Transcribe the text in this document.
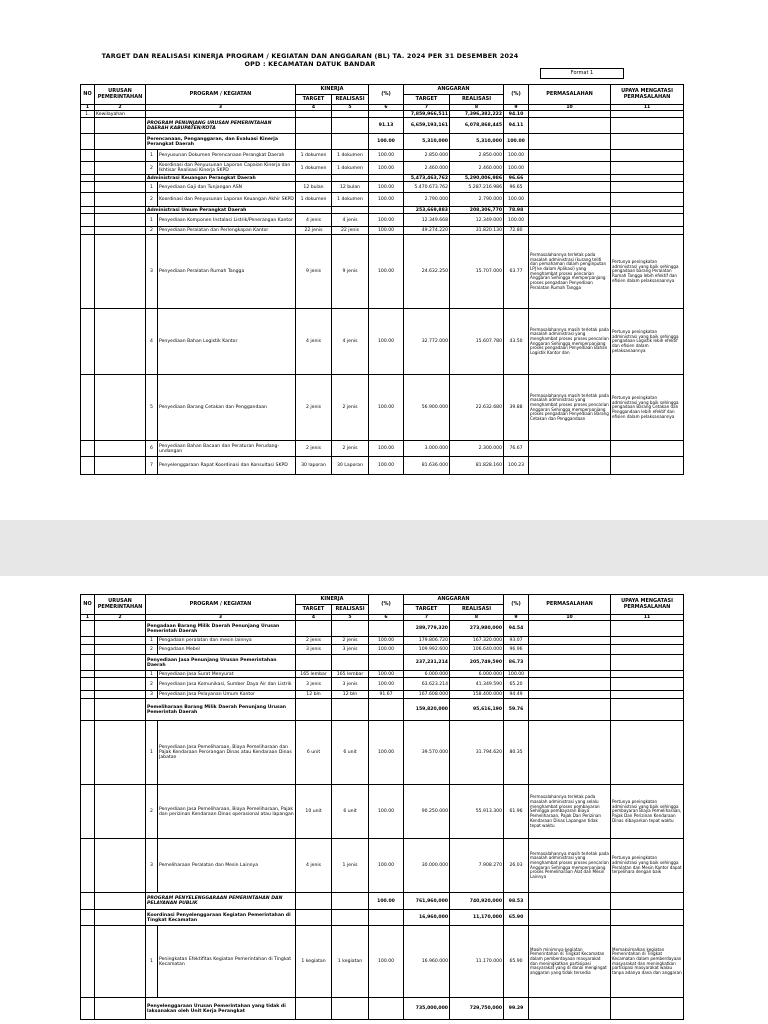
TARGET DAN REALISASI KINERJA PROGRAM / KEGIATAN DAN ANGGARAN (BL) TA. 2024 PER 31 DESEMBER 2024
OPD : KECAMATAN DATUK BANDAR
Format 1
NO	URUSAN PEMERINTAHAN	PROGRAM / KEGIATAN		KINERJA		(%)	ANGGARAN		(%)	PERMASALAHAN	UPAYA MENGATASI PERMASALAHAN
				TARGET	REALISASI		TARGET	REALISASI			
1	2	3		4	5	6	7	8	9	10	11
1.	Kewilayahan						7,859,966,511	7,396,382,222	94.10		
		PROGRAM PENUNJANG URUSAN PEMERINTAHAN DAERAH KABUPATEN/KOTA				91.13	6,659,193,161	6,078,868,445	94.11		
		Perencanaan, Penganggaran, dan Evaluasi Kinerja Perangkat Daerah				100.00	5,310,000	5,310,000	100.00		
		1	Penyusunan Dokumen Perencanaan Perangkat Daerah	1 dokumen	1 dokumen	100.00	2.850.000	2.850.000	100.00		
		2	Koordinasi dan Penyusunan Laporan Capaian Kinerja dan Ikhtisar Realisasi Kinerja SKPD	1 dokumen	1 dokumen	100.00	2.460.000	2.460.000	100.00		
		Administrasi Keuangan Perangkat Daerah					5,473,463,762	5,290,006,986	96.66		
		1	Penyediaan Gaji dan Tunjangan ASN	12 bulan	12 bulan	100.00	5.470.673.762	5.287.216.986	96.65		
		2	Koordinasi dan Penyusunan Laporan Keuangan Akhir SKPD	1 dokumen	1 dokumen	100.00	2.790.000	2.790.000	100.00		
		Administrasi Umum Perangkat Daerah					253,669,883	208,306,770	78.98		
		1	Penyediaan Komponen Instalasi Listrik/Penerangan Kantor	4 jenis	4 jenis	100.00	12.349.668	12.349.000	100.00		
		2	Penyediaan Peralatan dan Perlengkapan Kantor	22 jenis	22 jenis	100.00	49.274.220	31.820.130	72.80		
		3	Penyediaan Peralatan Rumah Tangga	9 jenis	9 jenis	100.00	24.632.250	15.707.000	63.77	Permasalahannya terletak pada masalah administrasi (kurang teliti dan pemahaman dalam penginputan LPJ ke dalam Aplikasi) yang menghambat proses pencarian Anggaran Sehingga memperpanjang proses pengadaan Penyediaan Peralatan Rumah Tangga	Pertunya peningkatan administrasi yang baik sehingga pengadaan barang Peralatan Rumah Tangga lebih efektif dan efisien dalam pelaksanaannya
		4	Penyediaan Bahan Logistik Kantor	4 jenis	4 jenis	100.00	32.772.000	15.607.780	43.50	Permasalahannya masih terletak pada masalah administrasi yang menghambat proses proses pencarian Anggaran Sehingga memperpanjang proses pengadaan Penyediaan Bahan Logistik Kantor dan	Pertunya peningkatan administrasi yang baik sehingga pengadaan Logistik lebih efektif dan efisien dalam pelaksanaannya
		5	Penyediaan Barang Cetakan dan Penggandaan	2 jenis	2 jenis	100.00	56.900.000	22.632.680	39.88	Permasalahannya masih terletak pada masalah administrasi yang menghambat proses proses pencarian Anggaran Sehingga memperpanjang proses pengadaan Penyediaan Barang Cetakan dan Penggandaan	Pertunya peningkatan administrasi yang baik sehingga pengadaan Barang Cetakan dan Penggandaan lebih efektif dan efisien dalam pelaksanaannya
		6	Penyediaan Bahan Bacaan dan Peraturan Perudang-undangan	2 jenis	2 jenis	100.00	3.000.000	2.300.000	76.67		
		7	Penyelenggaraan Rapat Koordinasi dan Konsultasi SKPD	30 laporan	30 Laporan	100.00	81.636.000	81.828.160	100.23		
NO	URUSAN PEMERINTAHAN	PROGRAM / KEGIATAN		KINERJA		(%)	ANGGARAN		(%)	PERMASALAHAN	UPAYA MENGATASI PERMASALAHAN
				TARGET	REALISASI		TARGET	REALISASI			
1	2	3		4	5	6	7	8	9	10	11
		Pengadaan Barang Milik Daerah Penunjang Urusan Pemerintah Daerah					289,779,320	273,980,000	94.54		
		1	Pengadaan peralatan dan mesin lainnya	2 jenis	2 jenis	100.00	179.806.720	167.320.000	93.07		
		2	Pengadaan Mebel	3 jenis	3 jenis	100.00	109.992.600	106.640.000	96.96		
		Penyediaan Jasa Penunjang Urusan Pemerintahan Daerah					237,231,214	205,749,590	86.73		
		1	Penyediaan Jasa Surat Menyurat	165 lembar	165 lembar	100.00	6.000.000	6.000.000	100.00		
		2	Penyediaan Jasa Komunikasi, Sumber Daya Air dan Listrik	3 jenis	3 jenis	100.00	63.623.214	41.349.590	65.20		
		3	Penyediaan Jasa Pelayanan Umum Kantor	12 bln	12 bln	91.67	167.608.000	158.400.000	94.49		
		Pemeliharaan Barang Milik Daerah Penunjang Urusan Pemerintah Daerah					159,820,000	95,616,190	59.76		
		1	Penyediaan Jasa Pemeliharaan, Biaya Pemeliharaan dan Pajak Kendaraan Perorangan Dinas atau Kendaraan Dinas Jabatan	6 unit	6 unit	100.00	39.570.000	31.794.620	80.35		
		2	Penyediaan Jasa Pemeliharaan, Biaya Pemeliharaan, Pajak dan perizinan Kendaraan Dinas operasional atau lapangan	10 unit	6 unit	100.00	90.250.000	55.913.300	61.96	Permasalahannya terletak pada masalah administrasi yang selalu menghambat proses pembayaran Sehingga pembayaran Biaya Pemeliharaan, Pajak Dan Perizinan Kendaraan Dinas Lapangan tidak tepat waktu	Pertunya peningkatan administrasi yang baik sehingga pembayaran Biaya Pemeliharaan, Pajak Dan Perizinan Kendaraan Dinas dibayarkan tepat waktu
		3	Pemeliharaan Peralatan dan Mesin Lainnya	4 jenis	1 jenis	100.00	30.000.000	7.908.270	26.03	Permasalahannya masih terletak pada masalah administrasi yang menghambat proses proses pencarian Anggaran Sehingga memperpanjang proses Pemeliharaan Alat dan Mesin Lainnya	Pertunya peningkatan administrasi yang baik sehingga Peralatan dan Mesin Kantor dapat terpelihara dengan baik
		PROGRAM PENYELENGGARAAN PEMERINTAHAN DAN PELAYANAN PUBLIK				100.00	761,960,000	740,920,000	98.53		
		Koordinasi Penyelenggaraan Kegiatan Pemerintahan di Tingkat Kecamatan					16,960,000	11,170,000	65.90		
		1	Peningkatan Efektifitas Kegiatan Pemerintahan di Tingkat Kecamatan	1 kegiatan	1 kegiatan	100.00	16.960.000	11.170.000	65.90	Masih minimnya kegiatan Pemerintahan di Tingkat Kecamatan dalam pemberdayaan masyarakat dan meningkatkan partisipasi masyarakat yang di danai mengingat anggaran yang tidak tersedia	Memaksimalkan kegiatan Pemerintahan di Tingkat Kecamatan dalam pemberdayaan masyarakat dan meningkatkan partisipasi masyarakat walau tanpa adanya dana dan anggaran
		Penyelenggaraan Urusan Pemerintahan yang tidak di laksanakan oleh Unit Kerja Perangkat					735,000,000	729,750,000	99.29		
